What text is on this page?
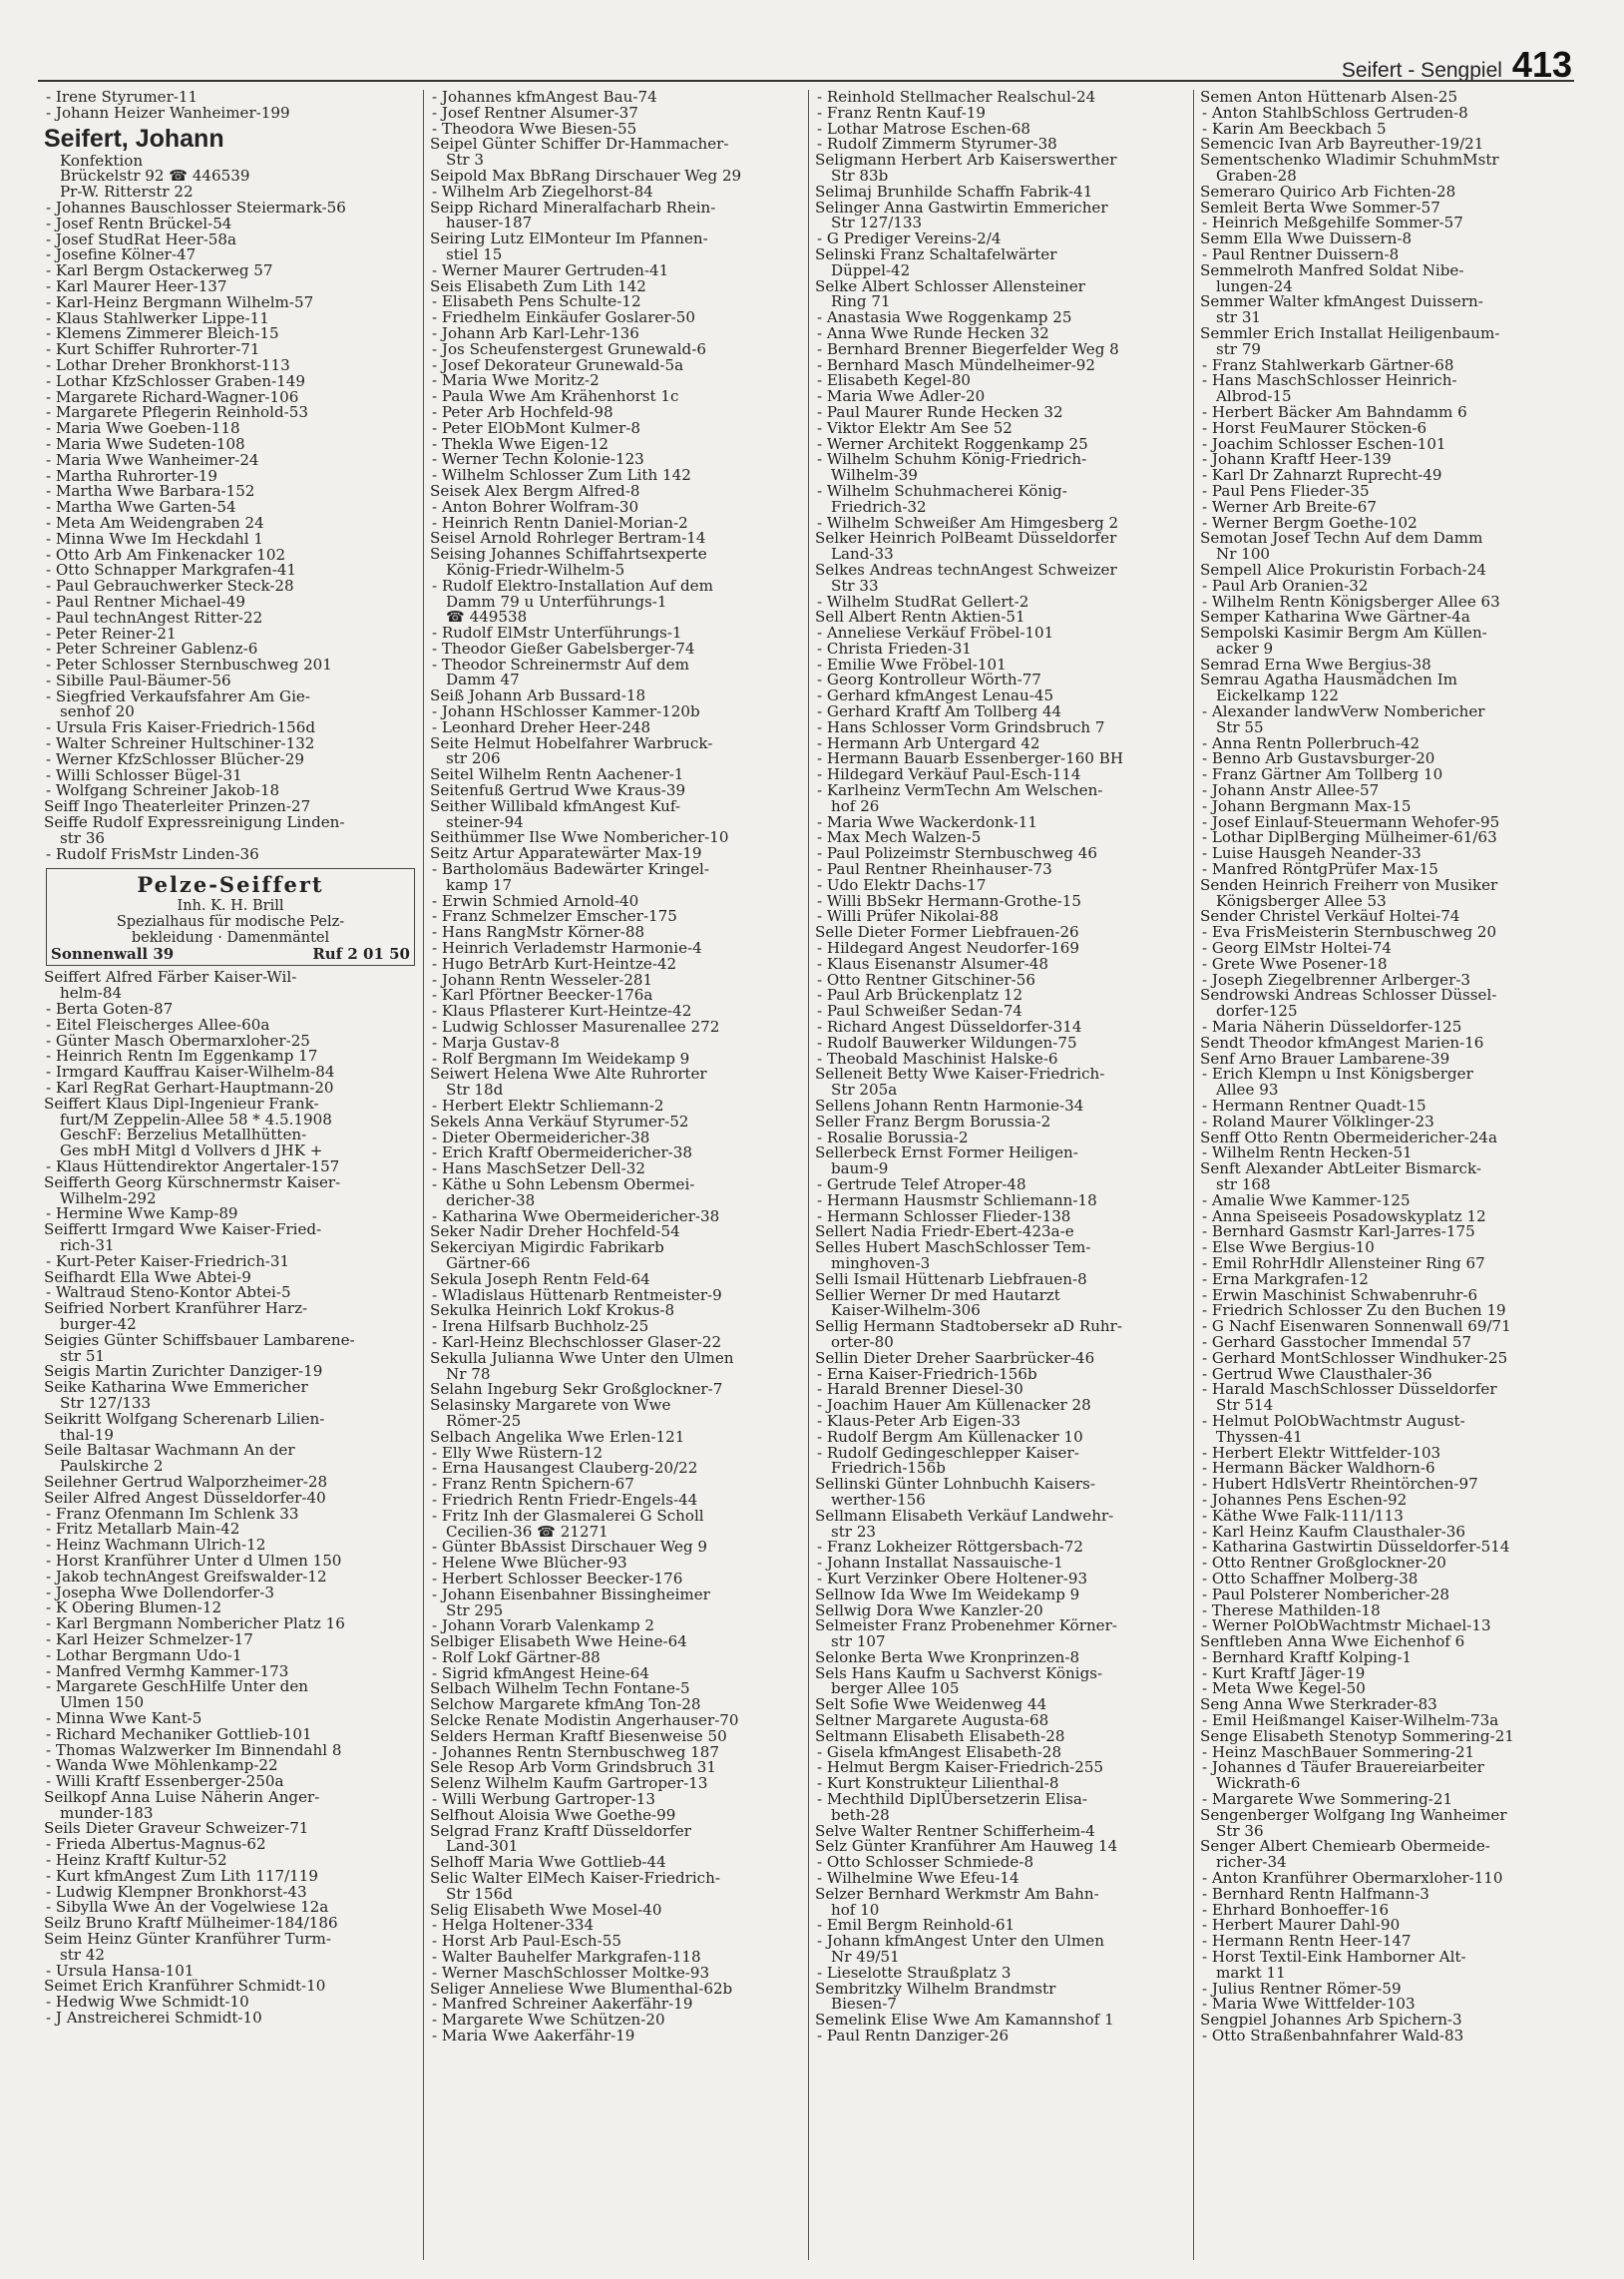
Seifert - Sengpiel 413
- Irene Styrumer-11
- Johann Heizer Wanheimer-199
Seifert, Johann
Konfektion
Brückelstr 92 ☎ 446539
Pr-W. Ritterstr 22
- Johannes Bauschlosser Steiermark-56
- Josef Rentn Brückel-54
- Josef StudRat Heer-58a
- Josefine Kölner-47
- Karl Bergm Ostackerweg 57
- Karl Maurer Heer-137
- Karl-Heinz Bergmann Wilhelm-57
- Klaus Stahlwerker Lippe-11
- Klemens Zimmerer Bleich-15
- Kurt Schiffer Ruhrorter-71
- Lothar Dreher Bronkhorst-113
- Lothar KfzSchlosser Graben-149
- Margarete Richard-Wagner-106
- Margarete Pflegerin Reinhold-53
- Maria Wwe Goeben-118
- Maria Wwe Sudeten-108
- Maria Wwe Wanheimer-24
- Martha Ruhrorter-19
- Martha Wwe Barbara-152
- Martha Wwe Garten-54
- Meta Am Weidengraben 24
- Minna Wwe Im Heckdahl 1
- Otto Arb Am Finkenacker 102
- Otto Schnapper Markgrafen-41
- Paul Gebrauchwerker Steck-28
- Paul Rentner Michael-49
- Paul technAngest Ritter-22
- Peter Reiner-21
- Peter Schreiner Gablenz-6
- Peter Schlosser Sternbuschweg 201
- Sibille Paul-Bäumer-56
- Siegfried Verkaufsfahrer Am Gie-
senhof 20
- Ursula Fris Kaiser-Friedrich-156d
- Walter Schreiner Hultschiner-132
- Werner KfzSchlosser Blücher-29
- Willi Schlosser Bügel-31
- Wolfgang Schreiner Jakob-18
Seiff Ingo Theaterleiter Prinzen-27
Seiffe Rudolf Expressreinigung Linden-
str 36
- Rudolf FrisMstr Linden-36
Pelze-Seiffert
Inh. K. H. Brill
Spezialhaus für modische Pelz-
bekleidung · Damenmäntel
Sonnenwall 39	Ruf 2 01 50
Seiffert Alfred Färber Kaiser-Wil-
helm-84
- Berta Goten-87
- Eitel Fleischerges Allee-60a
- Günter Masch Obermarxloher-25
- Heinrich Rentn Im Eggenkamp 17
- Irmgard Kauffrau Kaiser-Wilhelm-84
- Karl RegRat Gerhart-Hauptmann-20
Seiffert Klaus Dipl-Ingenieur Frank-
furt/M Zeppelin-Allee 58 * 4.5.1908
GeschF: Berzelius Metallhütten-
Ges mbH Mitgl d Vollvers d JHK +
- Klaus Hüttendirektor Angertaler-157
Seifferth Georg Kürschnermstr Kaiser-
Wilhelm-292
- Hermine Wwe Kamp-89
Seiffertt Irmgard Wwe Kaiser-Fried-
rich-31
- Kurt-Peter Kaiser-Friedrich-31
Seifhardt Ella Wwe Abtei-9
- Waltraud Steno-Kontor Abtei-5
Seifried Norbert Kranführer Harz-
burger-42
Seigies Günter Schiffsbauer Lambarene-
str 51
Seigis Martin Zurichter Danziger-19
Seike Katharina Wwe Emmericher
Str 127/133
Seikritt Wolfgang Scherenarb Lilien-
thal-19
Seile Baltasar Wachmann An der
Paulskirche 2
Seilehner Gertrud Walporzheimer-28
Seiler Alfred Angest Düsseldorfer-40
- Franz Ofenmann Im Schlenk 33
- Fritz Metallarb Main-42
- Heinz Wachmann Ulrich-12
- Horst Kranführer Unter d Ulmen 150
- Jakob technAngest Greifswalder-12
- Josepha Wwe Dollendorfer-3
- K Obering Blumen-12
- Karl Bergmann Nombericher Platz 16
- Karl Heizer Schmelzer-17
- Lothar Bergmann Udo-1
- Manfred Vermhg Kammer-173
- Margarete GeschHilfe Unter den
Ulmen 150
- Minna Wwe Kant-5
- Richard Mechaniker Gottlieb-101
- Thomas Walzwerker Im Binnendahl 8
- Wanda Wwe Möhlenkamp-22
- Willi Kraftf Essenberger-250a
Seilkopf Anna Luise Näherin Anger-
munder-183
Seils Dieter Graveur Schweizer-71
- Frieda Albertus-Magnus-62
- Heinz Kraftf Kultur-52
- Kurt kfmAngest Zum Lith 117/119
- Ludwig Klempner Bronkhorst-43
- Sibylla Wwe An der Vogelwiese 12a
Seilz Bruno Kraftf Mülheimer-184/186
Seim Heinz Günter Kranführer Turm-
str 42
- Ursula Hansa-101
Seimet Erich Kranführer Schmidt-10
- Hedwig Wwe Schmidt-10
- J Anstreicherei Schmidt-10
- Johannes kfmAngest Bau-74
- Josef Rentner Alsumer-37
- Theodora Wwe Biesen-55
Seipel Günter Schiffer Dr-Hammacher-
Str 3
Seipold Max BbRang Dirschauer Weg 29
- Wilhelm Arb Ziegelhorst-84
Seipp Richard Mineralfacharb Rhein-
hauser-187
Seiring Lutz ElMonteur Im Pfannen-
stiel 15
- Werner Maurer Gertruden-41
Seis Elisabeth Zum Lith 142
- Elisabeth Pens Schulte-12
- Friedhelm Einkäufer Goslarer-50
- Johann Arb Karl-Lehr-136
- Jos Scheufenstergest Grunewald-6
- Josef Dekorateur Grunewald-5a
- Maria Wwe Moritz-2
- Paula Wwe Am Krähenhorst 1c
- Peter Arb Hochfeld-98
- Peter ElObMont Kulmer-8
- Thekla Wwe Eigen-12
- Werner Techn Kolonie-123
- Wilhelm Schlosser Zum Lith 142
Seisek Alex Bergm Alfred-8
- Anton Bohrer Wolfram-30
- Heinrich Rentn Daniel-Morian-2
Seisel Arnold Rohrleger Bertram-14
Seising Johannes Schiffahrtsexperte
König-Friedr-Wilhelm-5
- Rudolf Elektro-Installation Auf dem
Damm 79 u Unterführungs-1
☎ 449538
- Rudolf ElMstr Unterführungs-1
- Theodor Gießer Gabelsberger-74
- Theodor Schreinermstr Auf dem
Damm 47
Seiß Johann Arb Bussard-18
- Johann HSchlosser Kammer-120b
- Leonhard Dreher Heer-248
Seite Helmut Hobelfahrer Warbruck-
str 206
Seitel Wilhelm Rentn Aachener-1
Seitenfuß Gertrud Wwe Kraus-39
Seither Willibald kfmAngest Kuf-
steiner-94
Seithümmer Ilse Wwe Nombericher-10
Seitz Artur Apparatewärter Max-19
- Bartholomäus Badewärter Kringel-
kamp 17
- Erwin Schmied Arnold-40
- Franz Schmelzer Emscher-175
- Hans RangMstr Körner-88
- Heinrich Verlademstr Harmonie-4
- Hugo BetrArb Kurt-Heintze-42
- Johann Rentn Wesseler-281
- Karl Pförtner Beecker-176a
- Klaus Pflasterer Kurt-Heintze-42
- Ludwig Schlosser Masurenallee 272
- Marja Gustav-8
- Rolf Bergmann Im Weidekamp 9
Seiwert Helena Wwe Alte Ruhrorter
Str 18d
- Herbert Elektr Schliemann-2
Sekels Anna Verkäuf Styrumer-52
- Dieter Obermeidericher-38
- Erich Kraftf Obermeidericher-38
- Hans MaschSetzer Dell-32
- Käthe u Sohn Lebensm Obermei-
dericher-38
- Katharina Wwe Obermeidericher-38
Seker Nadir Dreher Hochfeld-54
Sekerciyan Migirdic Fabrikarb
Gärtner-66
Sekula Joseph Rentn Feld-64
- Wladislaus Hüttenarb Rentmeister-9
Sekulka Heinrich Lokf Krokus-8
- Irena Hilfsarb Buchholz-25
- Karl-Heinz Blechschlosser Glaser-22
Sekulla Julianna Wwe Unter den Ulmen
Nr 78
Selahn Ingeburg Sekr Großglockner-7
Selasinsky Margarete von Wwe
Römer-25
Selbach Angelika Wwe Erlen-121
- Elly Wwe Rüstern-12
- Erna Hausangest Clauberg-20/22
- Franz Rentn Spichern-67
- Friedrich Rentn Friedr-Engels-44
- Fritz Inh der Glasmalerei G Scholl
Cecilien-36 ☎ 21271
- Günter BbAssist Dirschauer Weg 9
- Helene Wwe Blücher-93
- Herbert Schlosser Beecker-176
- Johann Eisenbahner Bissingheimer
Str 295
- Johann Vorarb Valenkamp 2
Selbiger Elisabeth Wwe Heine-64
- Rolf Lokf Gärtner-88
- Sigrid kfmAngest Heine-64
Selbach Wilhelm Techn Fontane-5
Selchow Margarete kfmAng Ton-28
Selcke Renate Modistin Angerhauser-70
Selders Herman Kraftf Biesenweise 50
- Johannes Rentn Sternbuschweg 187
Sele Resop Arb Vorm Grindsbruch 31
Selenz Wilhelm Kaufm Gartroper-13
- Willi Werbung Gartroper-13
Selfhout Aloisia Wwe Goethe-99
Selgrad Franz Kraftf Düsseldorfer
Land-301
Selhoff Maria Wwe Gottlieb-44
Selic Walter ElMech Kaiser-Friedrich-
Str 156d
Selig Elisabeth Wwe Mosel-40
- Helga Holtener-334
- Horst Arb Paul-Esch-55
- Walter Bauhelfer Markgrafen-118
- Werner MaschSchlosser Moltke-93
Seliger Anneliese Wwe Blumenthal-62b
- Manfred Schreiner Aakerfähr-19
- Margarete Wwe Schützen-20
- Maria Wwe Aakerfähr-19
- Reinhold Stellmacher Realschul-24
- Franz Rentn Kauf-19
- Lothar Matrose Eschen-68
- Rudolf Zimmerm Styrumer-38
Seligmann Herbert Arb Kaiserswerther
Str 83b
Selimaj Brunhilde Schaffn Fabrik-41
Selinger Anna Gastwirtin Emmericher
Str 127/133
- G Prediger Vereins-2/4
Selinski Franz Schaltafelwärter
Düppel-42
Selke Albert Schlosser Allensteiner
Ring 71
- Anastasia Wwe Roggenkamp 25
- Anna Wwe Runde Hecken 32
- Bernhard Brenner Biegerfelder Weg 8
- Bernhard Masch Mündelheimer-92
- Elisabeth Kegel-80
- Maria Wwe Adler-20
- Paul Maurer Runde Hecken 32
- Viktor Elektr Am See 52
- Werner Architekt Roggenkamp 25
- Wilhelm Schuhm König-Friedrich-
Wilhelm-39
- Wilhelm Schuhmacherei König-
Friedrich-32
- Wilhelm Schweißer Am Himgesberg 2
Selker Heinrich PolBeamt Düsseldorfer
Land-33
Selkes Andreas technAngest Schweizer
Str 33
- Wilhelm StudRat Gellert-2
Sell Albert Rentn Aktien-51
- Anneliese Verkäuf Fröbel-101
- Christa Frieden-31
- Emilie Wwe Fröbel-101
- Georg Kontrolleur Wörth-77
- Gerhard kfmAngest Lenau-45
- Gerhard Kraftf Am Tollberg 44
- Hans Schlosser Vorm Grindsbruch 7
- Hermann Arb Untergard 42
- Hermann Bauarb Essenberger-160 BH
- Hildegard Verkäuf Paul-Esch-114
- Karlheinz VermTechn Am Welschen-
hof 26
- Maria Wwe Wackerdonk-11
- Max Mech Walzen-5
- Paul Polizeimstr Sternbuschweg 46
- Paul Rentner Rheinhauser-73
- Udo Elektr Dachs-17
- Willi BbSekr Hermann-Grothe-15
- Willi Prüfer Nikolai-88
Selle Dieter Former Liebfrauen-26
- Hildegard Angest Neudorfer-169
- Klaus Eisenanstr Alsumer-48
- Otto Rentner Gitschiner-56
- Paul Arb Brückenplatz 12
- Paul Schweißer Sedan-74
- Richard Angest Düsseldorfer-314
- Rudolf Bauwerker Wildungen-75
- Theobald Maschinist Halske-6
Selleneit Betty Wwe Kaiser-Friedrich-
Str 205a
Sellens Johann Rentn Harmonie-34
Seller Franz Bergm Borussia-2
- Rosalie Borussia-2
Sellerbeck Ernst Former Heiligen-
baum-9
- Gertrude Telef Atroper-48
- Hermann Hausmstr Schliemann-18
- Hermann Schlosser Flieder-138
Sellert Nadia Friedr-Ebert-423a-e
Selles Hubert MaschSchlosser Tem-
minghoven-3
Selli Ismail Hüttenarb Liebfrauen-8
Sellier Werner Dr med Hautarzt
Kaiser-Wilhelm-306
Sellig Hermann Stadtobersekr aD Ruhr-
orter-80
Sellin Dieter Dreher Saarbrücker-46
- Erna Kaiser-Friedrich-156b
- Harald Brenner Diesel-30
- Joachim Hauer Am Küllenacker 28
- Klaus-Peter Arb Eigen-33
- Rudolf Bergm Am Küllenacker 10
- Rudolf Gedingeschlepper Kaiser-
Friedrich-156b
Sellinski Günter Lohnbuchh Kaisers-
werther-156
Sellmann Elisabeth Verkäuf Landwehr-
str 23
- Franz Lokheizer Röttgersbach-72
- Johann Installat Nassauische-1
- Kurt Verzinker Obere Holtener-93
Sellnow Ida Wwe Im Weidekamp 9
Sellwig Dora Wwe Kanzler-20
Selmeister Franz Probenehmer Körner-
str 107
Selonke Berta Wwe Kronprinzen-8
Sels Hans Kaufm u Sachverst Königs-
berger Allee 105
Selt Sofie Wwe Weidenweg 44
Seltner Margarete Augusta-68
Seltmann Elisabeth Elisabeth-28
- Gisela kfmAngest Elisabeth-28
- Helmut Bergm Kaiser-Friedrich-255
- Kurt Konstrukteur Lilienthal-8
- Mechthild DiplÜbersetzerin Elisa-
beth-28
Selve Walter Rentner Schifferheim-4
Selz Günter Kranführer Am Hauweg 14
- Otto Schlosser Schmiede-8
- Wilhelmine Wwe Efeu-14
Selzer Bernhard Werkmstr Am Bahn-
hof 10
- Emil Bergm Reinhold-61
- Johann kfmAngest Unter den Ulmen
Nr 49/51
- Lieselotte Straußplatz 3
Sembritzky Wilhelm Brandmstr
Biesen-7
Semelink Elise Wwe Am Kamannshof 1
- Paul Rentn Danziger-26
Semen Anton Hüttenarb Alsen-25
- Anton StahlbSchloss Gertruden-8
- Karin Am Beeckbach 5
Semencic Ivan Arb Bayreuther-19/21
Sementschenko Wladimir SchuhmMstr
Graben-28
Semeraro Quirico Arb Fichten-28
Semleit Berta Wwe Sommer-57
- Heinrich Meßgehilfe Sommer-57
Semm Ella Wwe Duissern-8
- Paul Rentner Duissern-8
Semmelroth Manfred Soldat Nibe-
lungen-24
Semmer Walter kfmAngest Duissern-
str 31
Semmler Erich Installat Heiligenbaum-
str 79
- Franz Stahlwerkarb Gärtner-68
- Hans MaschSchlosser Heinrich-
Albrod-15
- Herbert Bäcker Am Bahndamm 6
- Horst FeuMaurer Stöcken-6
- Joachim Schlosser Eschen-101
- Johann Kraftf Heer-139
- Karl Dr Zahnarzt Ruprecht-49
- Paul Pens Flieder-35
- Werner Arb Breite-67
- Werner Bergm Goethe-102
Semotan Josef Techn Auf dem Damm
Nr 100
Sempell Alice Prokuristin Forbach-24
- Paul Arb Oranien-32
- Wilhelm Rentn Königsberger Allee 63
Semper Katharina Wwe Gärtner-4a
Sempolski Kasimir Bergm Am Küllen-
acker 9
Semrad Erna Wwe Bergius-38
Semrau Agatha Hausmädchen Im
Eickelkamp 122
- Alexander landwVerw Nombericher
Str 55
- Anna Rentn Pollerbruch-42
- Benno Arb Gustavsburger-20
- Franz Gärtner Am Tollberg 10
- Johann Anstr Allee-57
- Johann Bergmann Max-15
- Josef Einlauf-Steuermann Wehofer-95
- Lothar DiplBerging Mülheimer-61/63
- Luise Hausgeh Neander-33
- Manfred RöntgPrüfer Max-15
Senden Heinrich Freiherr von Musiker
Königsberger Allee 53
Sender Christel Verkäuf Holtei-74
- Eva FrisMeisterin Sternbuschweg 20
- Georg ElMstr Holtei-74
- Grete Wwe Posener-18
- Joseph Ziegelbrenner Arlberger-3
Sendrowski Andreas Schlosser Düssel-
dorfer-125
- Maria Näherin Düsseldorfer-125
Sendt Theodor kfmAngest Marien-16
Senf Arno Brauer Lambarene-39
- Erich Klempn u Inst Königsberger
Allee 93
- Hermann Rentner Quadt-15
- Roland Maurer Völklinger-23
Senff Otto Rentn Obermeidericher-24a
- Wilhelm Rentn Hecken-51
Senft Alexander AbtLeiter Bismarck-
str 168
- Amalie Wwe Kammer-125
- Anna Speiseeis Posadowskyplatz 12
- Bernhard Gasmstr Karl-Jarres-175
- Else Wwe Bergius-10
- Emil RohrHdlr Allensteiner Ring 67
- Erna Markgrafen-12
- Erwin Maschinist Schwabenruhr-6
- Friedrich Schlosser Zu den Buchen 19
- G Nachf Eisenwaren Sonnenwall 69/71
- Gerhard Gasstocher Immendal 57
- Gerhard MontSchlosser Windhuker-25
- Gertrud Wwe Clausthaler-36
- Harald MaschSchlosser Düsseldorfer
Str 514
- Helmut PolObWachtmstr August-
Thyssen-41
- Herbert Elektr Wittfelder-103
- Hermann Bäcker Waldhorn-6
- Hubert HdlsVertr Rheintörchen-97
- Johannes Pens Eschen-92
- Käthe Wwe Falk-111/113
- Karl Heinz Kaufm Clausthaler-36
- Katharina Gastwirtin Düsseldorfer-514
- Otto Rentner Großglockner-20
- Otto Schaffner Molberg-38
- Paul Polsterer Nombericher-28
- Therese Mathilden-18
- Werner PolObWachtmstr Michael-13
Senftleben Anna Wwe Eichenhof 6
- Bernhard Kraftf Kolping-1
- Kurt Kraftf Jäger-19
- Meta Wwe Kegel-50
Seng Anna Wwe Sterkrader-83
- Emil Heißmangel Kaiser-Wilhelm-73a
Senge Elisabeth Stenotyp Sommering-21
- Heinz MaschBauer Sommering-21
- Johannes d Täufer Brauereiarbeiter
Wickrath-6
- Margarete Wwe Sommering-21
Sengenberger Wolfgang Ing Wanheimer
Str 36
Senger Albert Chemiearb Obermeide-
richer-34
- Anton Kranführer Obermarxloher-110
- Bernhard Rentn Halfmann-3
- Ehrhard Bonhoeffer-16
- Herbert Maurer Dahl-90
- Hermann Rentn Heer-147
- Horst Textil-Eink Hamborner Alt-
markt 11
- Julius Rentner Römer-59
- Maria Wwe Wittfelder-103
Sengpiel Johannes Arb Spichern-3
- Otto Straßenbahnfahrer Wald-83
